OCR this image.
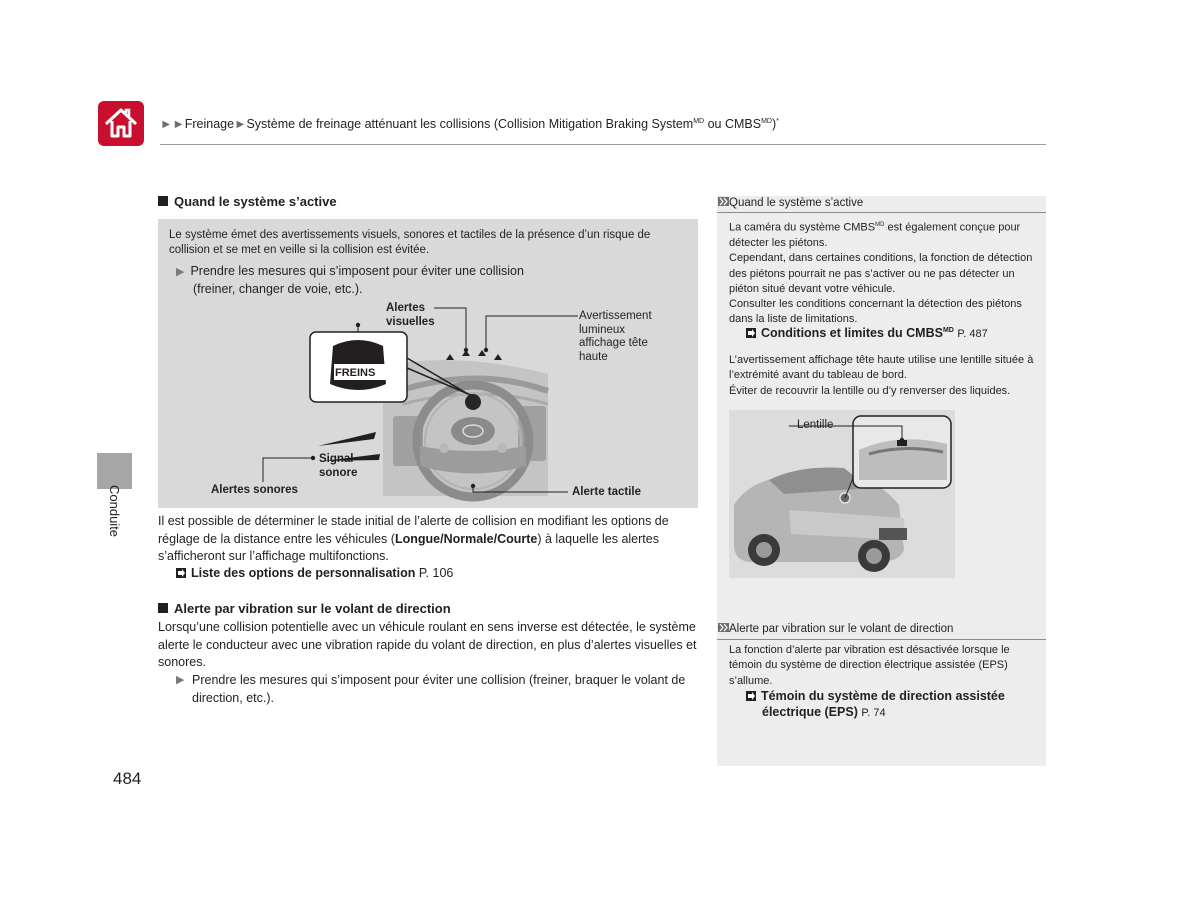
►►Freinage►Système de freinage atténuant les collisions (Collision Mitigation Braking System$^{MD}$ ou $CMBS^{MD})^*$
Conduite
Quand le système s’active
Le système émet des avertissements visuels, sonores et tactiles de la présence d’un risque de collision et se met en veille si la collision est évitée.
▶ Prendre les mesures qui s’imposent pour éviter une collision
(freiner, changer de voie, etc.).
Alertes
visuelles	Avertissement
lumineux
affichage tête
haute
FREINS
Signal
sonore
Alertes sonores	Alerte tactile
Il est possible de déterminer le stade initial de l’alerte de collision en modifiant les options de réglage de la distance entre les véhicules (Longue/Normale/Courte) à laquelle les alertes s’afficheront sur l’affichage multifonctions.
Liste des options de personnalisation P. 106
Alerte par vibration sur le volant de direction
Lorsqu’une collision potentielle avec un véhicule roulant en sens inverse est détectée, le système alerte le conducteur avec une vibration rapide du volant de direction, en plus d’alertes visuelles et sonores.
▶ Prendre les mesures qui s’imposent pour éviter une collision (freiner, braquer le volant de direction, etc.).
Quand le système s’active
La caméra du système $CMBS^{MD}$ est également conçue pour détecter les piétons.
Cependant, dans certaines conditions, la fonction de détection des piétons pourrait ne pas s’activer ou ne pas détecter un piéton situé devant votre véhicule.
Consulter les conditions concernant la détection des piétons dans la liste de limitations.
Conditions et limites du $CMBS^{MD}$ P. 487
L’avertissement affichage tête haute utilise une lentille située à l’extrémité avant du tableau de bord.
Éviter de recouvrir la lentille ou d’y renverser des liquides.
Lentille
Alerte par vibration sur le volant de direction
La fonction d’alerte par vibration est désactivée lorsque le témoin du système de direction électrique assistée (EPS) s’allume.
Témoin du système de direction assistée
électrique (EPS) P. 74
484
